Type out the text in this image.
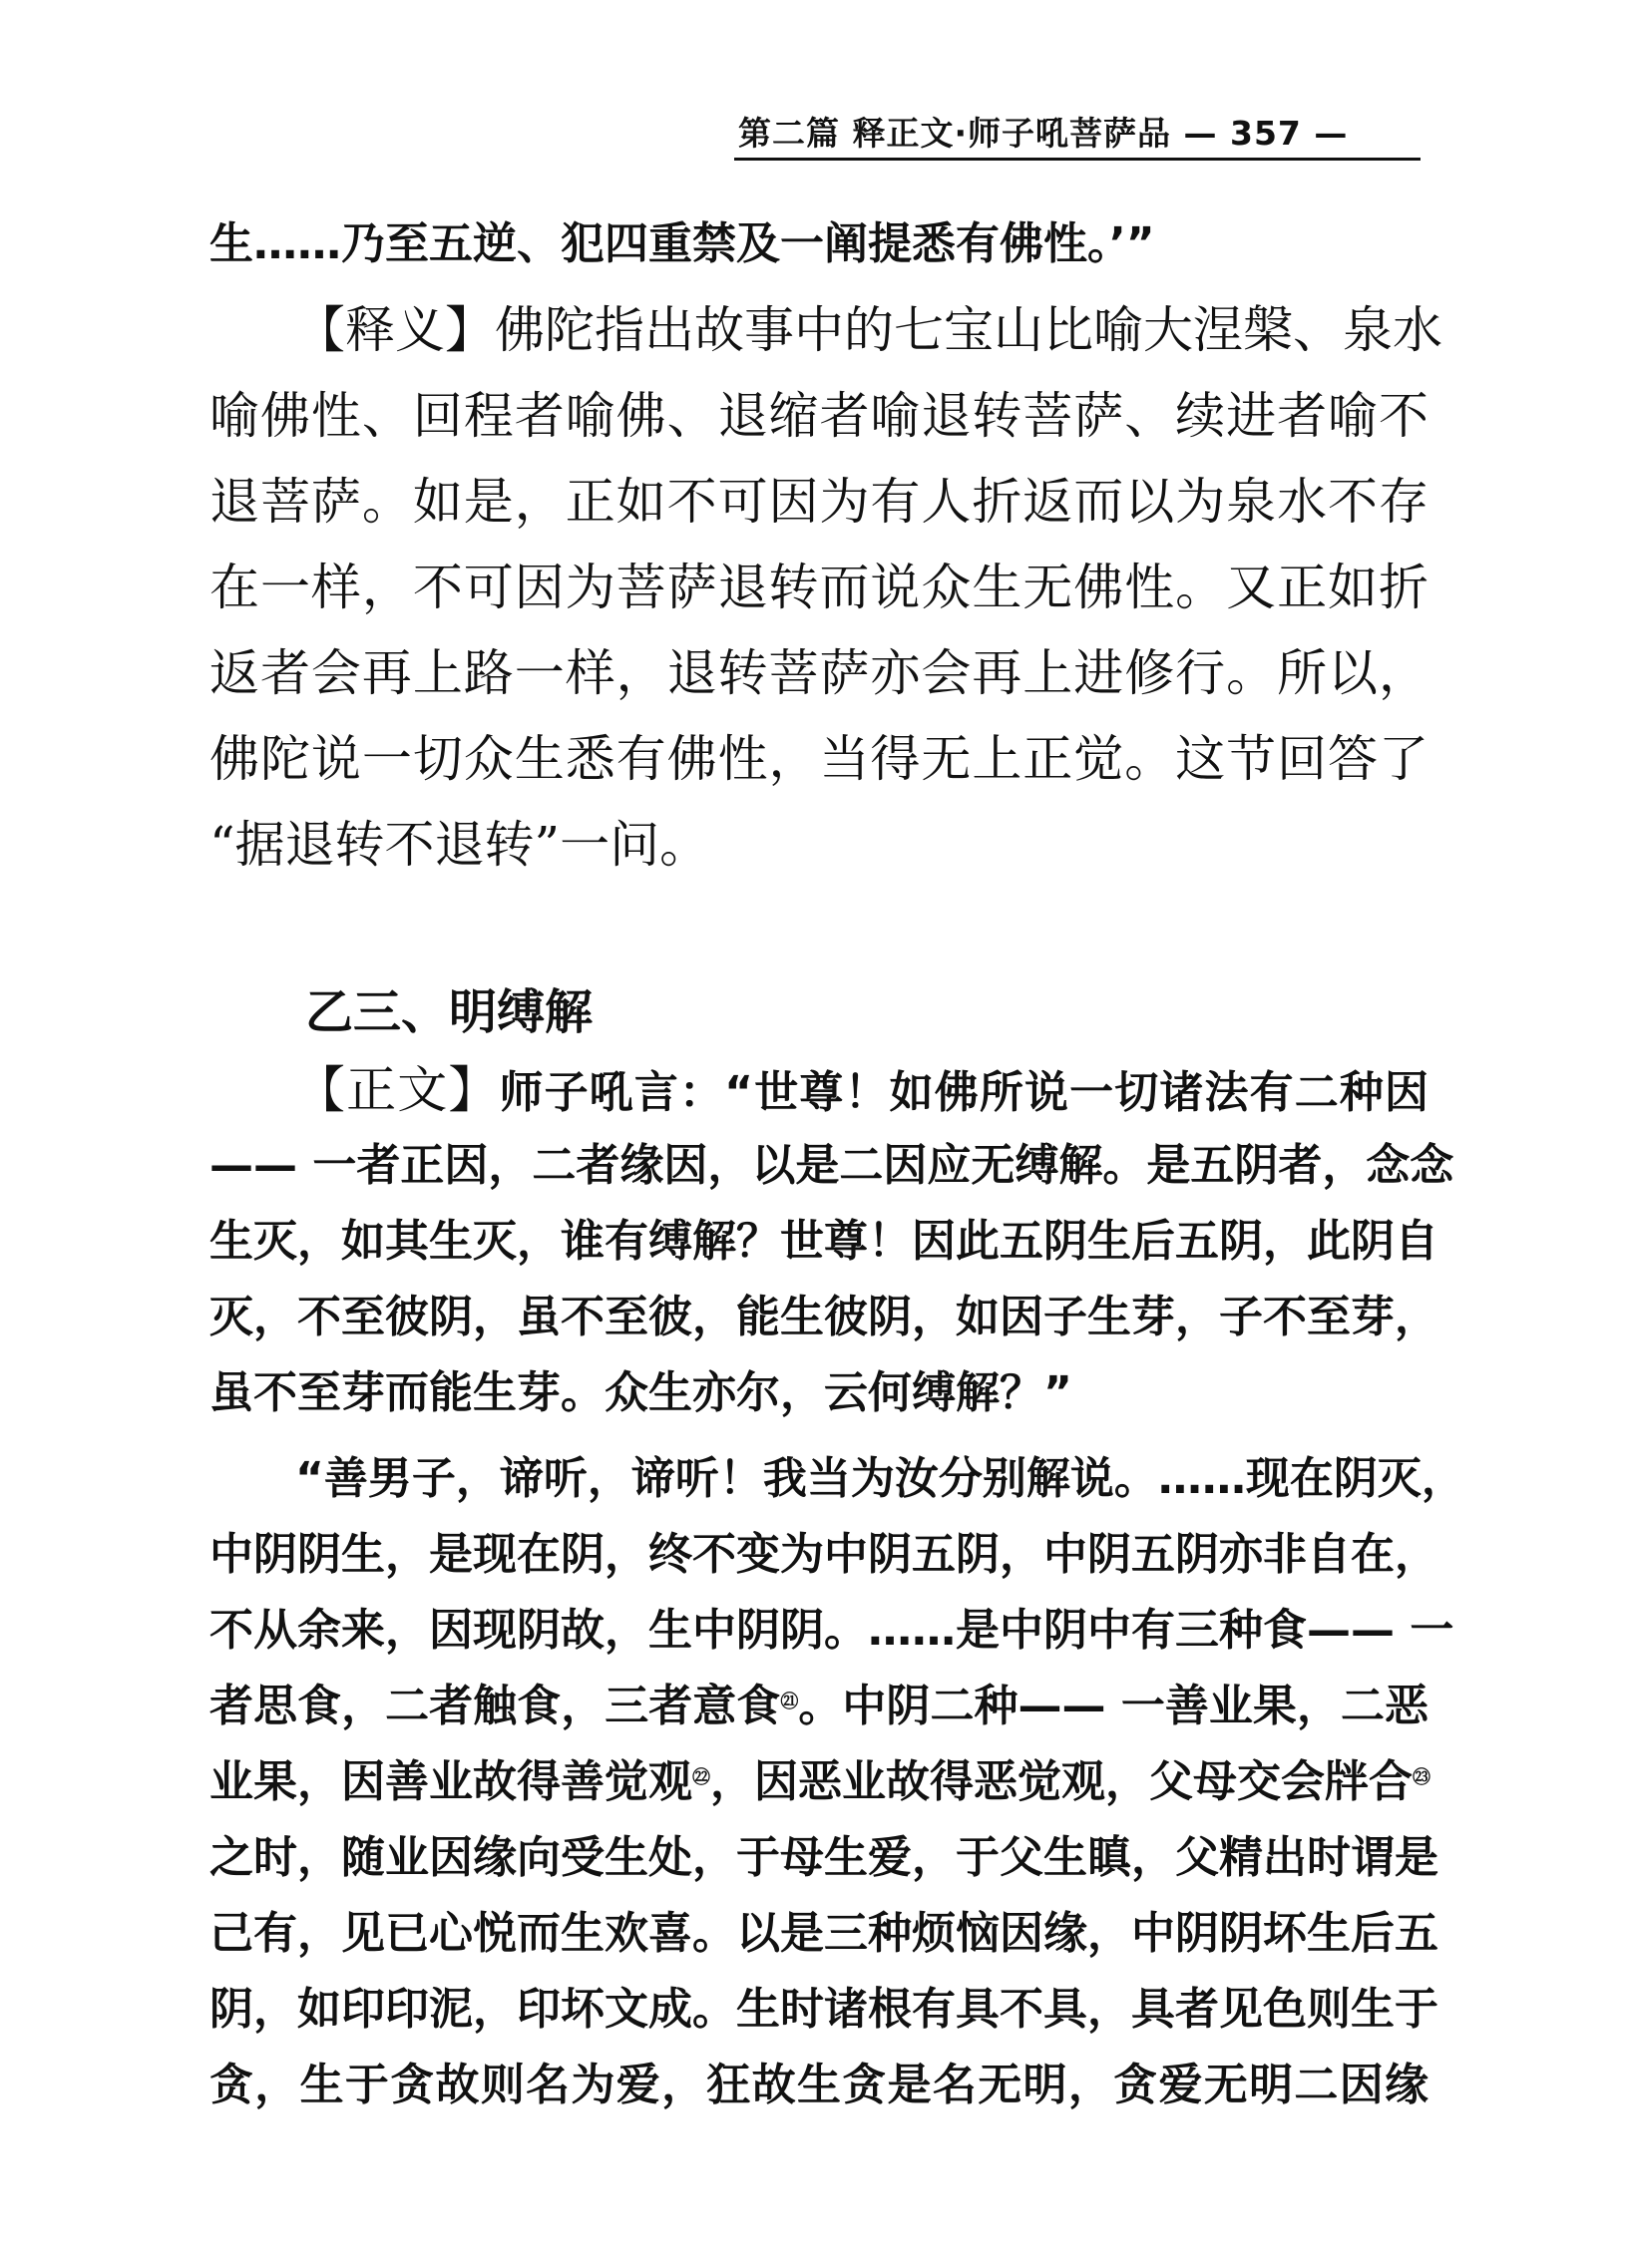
第二篇 释正文·师子吼菩萨品 — 357 —
生……乃至五逆、犯四重禁及一阐提悉有佛性。’”
【释义】佛陀指出故事中的七宝山比喻大涅槃、泉水
喻佛性、回程者喻佛、退缩者喻退转菩萨、续进者喻不
退菩萨。如是，正如不可因为有人折返而以为泉水不存
在一样，不可因为菩萨退转而说众生无佛性。又正如折
返者会再上路一样，退转菩萨亦会再上进修行。所以，
佛陀说一切众生悉有佛性，当得无上正觉。这节回答了
“据退转不退转”一问。
乙三、明缚解
【正文】师子吼言：“世尊！如佛所说一切诸法有二种因
—— 一者正因，二者缘因，以是二因应无缚解。是五阴者，念念
生灭，如其生灭，谁有缚解？世尊！因此五阴生后五阴，此阴自
灭，不至彼阴，虽不至彼，能生彼阴，如因子生芽，子不至芽，
虽不至芽而能生芽。众生亦尔，云何缚解？”
“善男子，谛听，谛听！我当为汝分别解说。……现在阴灭，
中阴阴生，是现在阴，终不变为中阴五阴，中阴五阴亦非自在，
不从余来，因现阴故，生中阴阴。……是中阴中有三种食—— 一
者思食，二者触食，三者意食$^㉑$。中阴二种—— 一善业果，二恶
业果，因善业故得善觉观$^㉒$，因恶业故得恶觉观，父母交会牉合$^㉓$
之时，随业因缘向受生处，于母生爱，于父生瞋，父精出时谓是
己有，见已心悦而生欢喜。以是三种烦恼因缘，中阴阴坏生后五
阴，如印印泥，印坏文成。生时诸根有具不具，具者见色则生于
贪，生于贪故则名为爱，狂故生贪是名无明，贪爱无明二因缘
